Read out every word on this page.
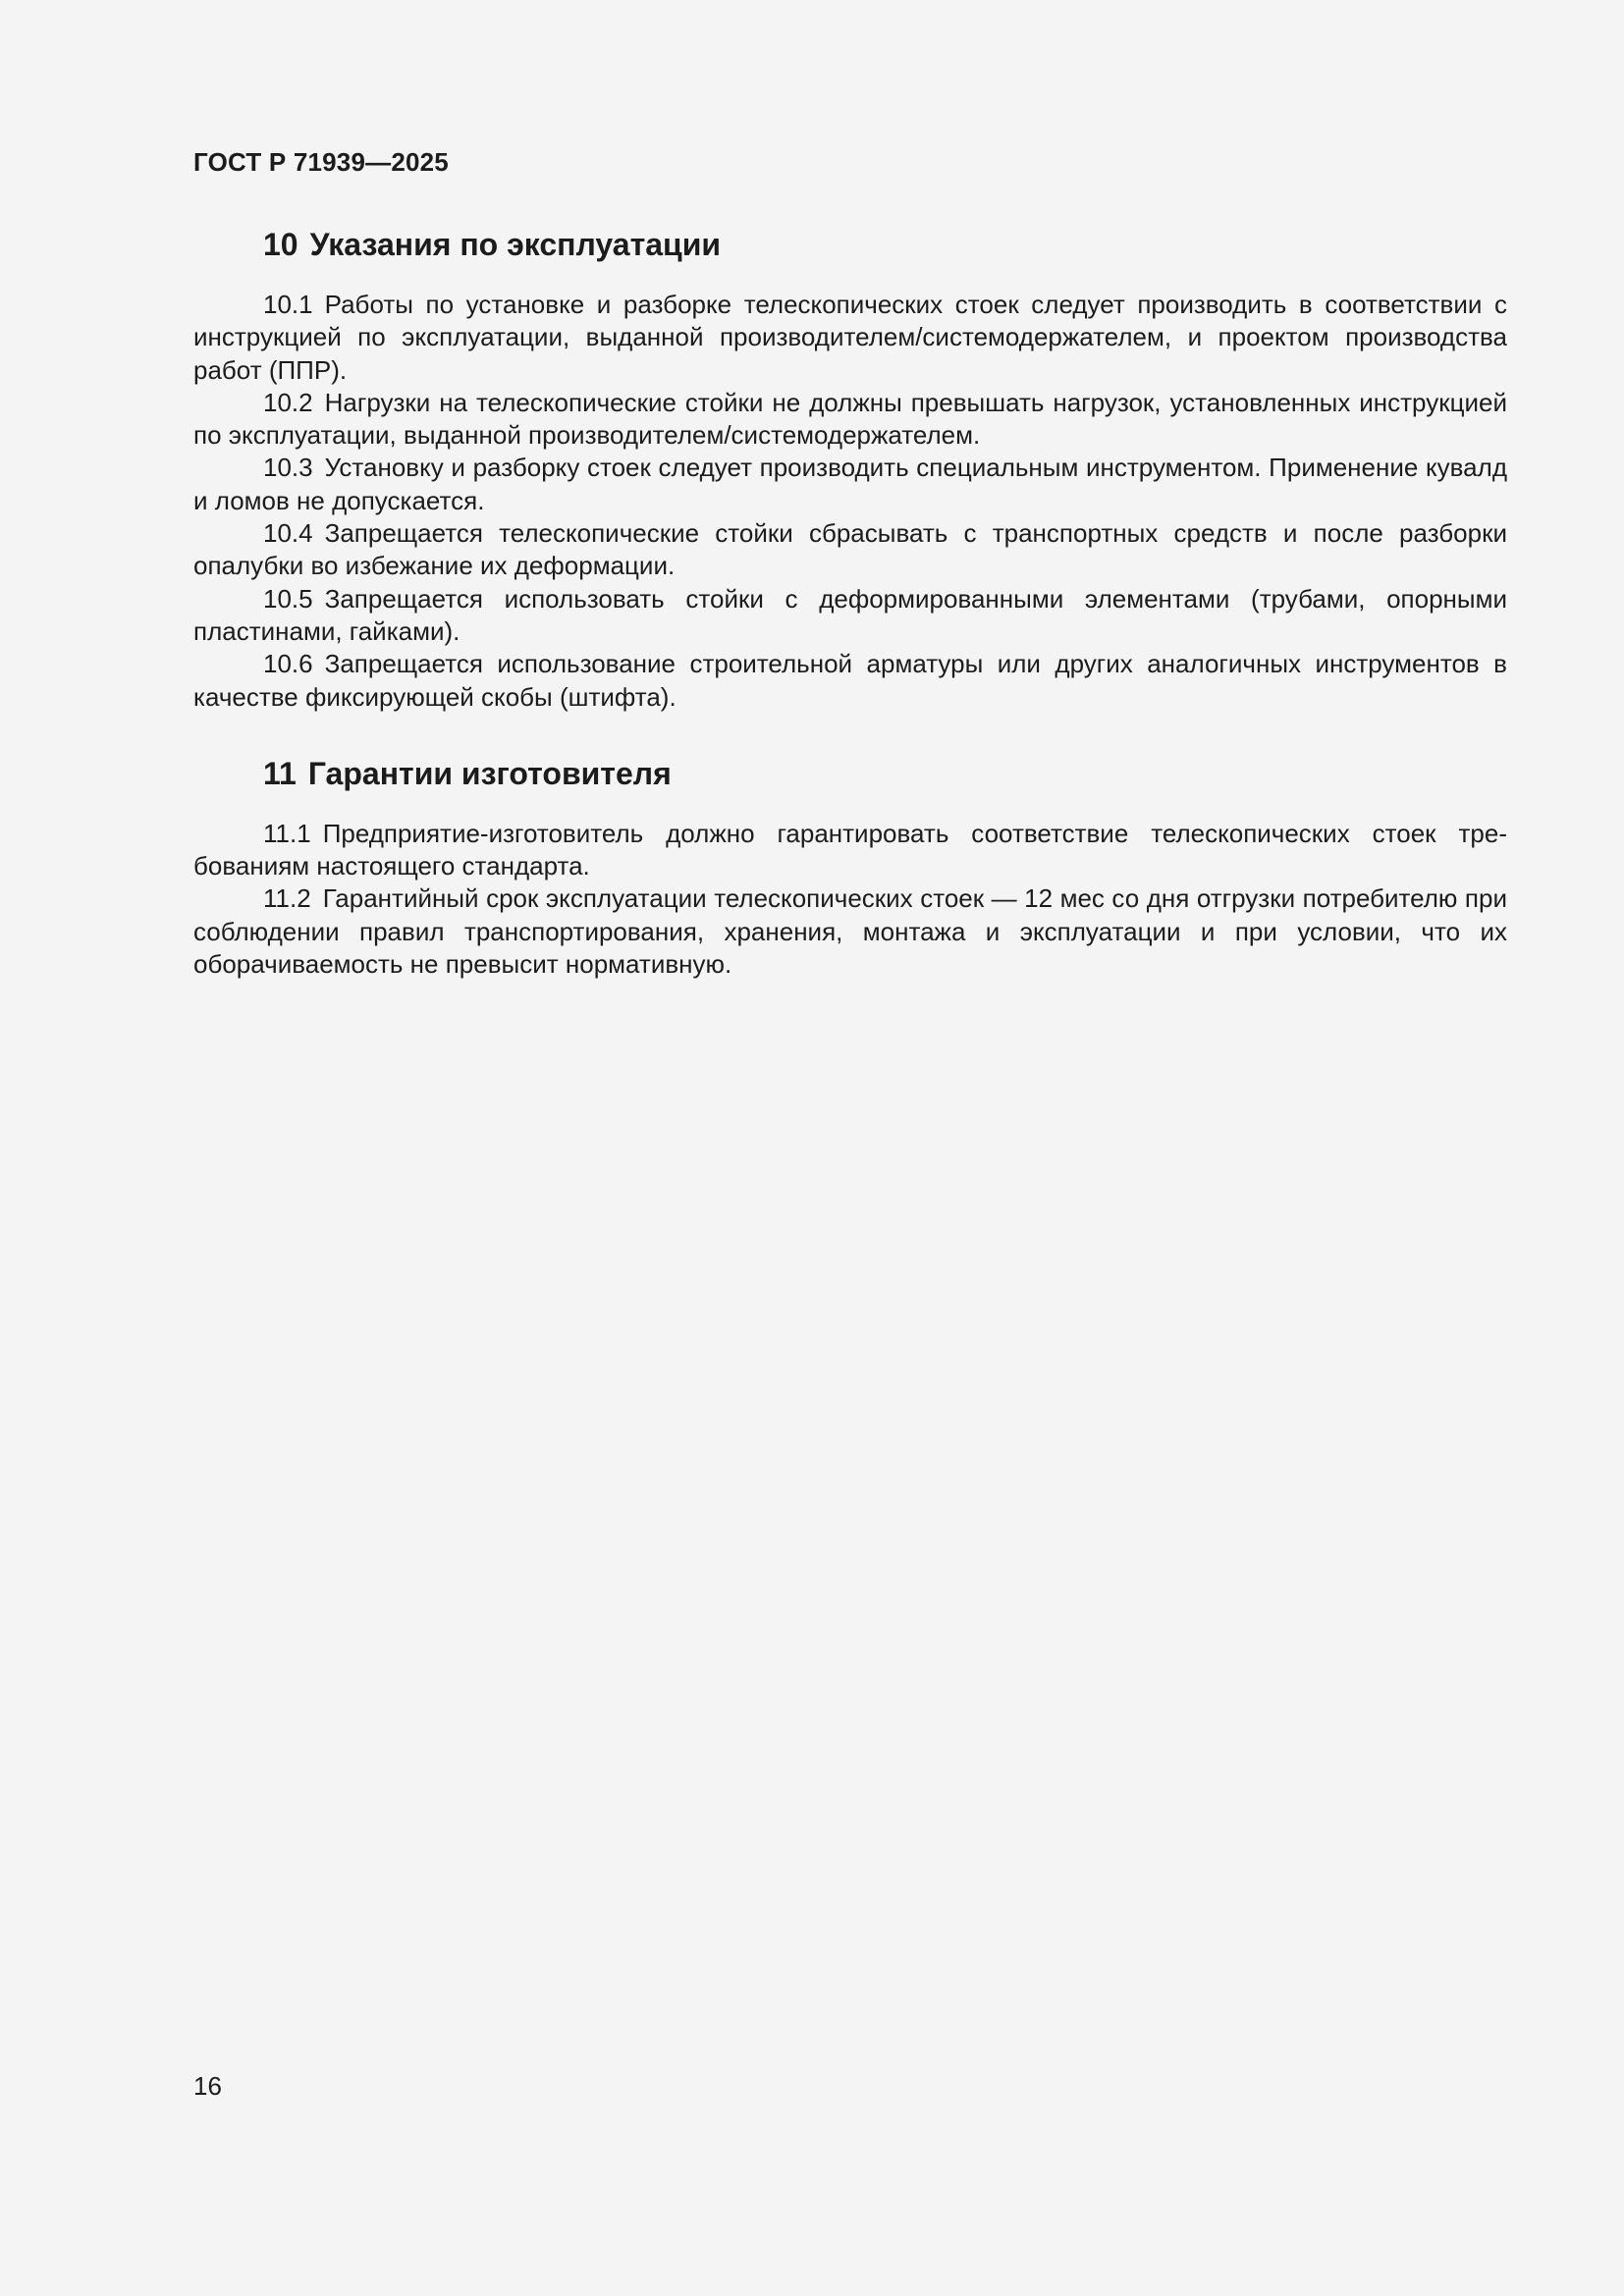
ГОСТ Р 71939—2025

10 Указания по эксплуатации

10.1 Работы по установке и разборке телескопических стоек следует производить в соответствии с инструкцией по эксплуатации, выданной производителем/системодержателем, и проектом производства работ (ППР).

10.2 Нагрузки на телескопические стойки не должны превышать нагрузок, установленных инструкцией по эксплуатации, выданной производителем/системодержателем.

10.3 Установку и разборку стоек следует производить специальным инструментом. Применение кувалд и ломов не допускается.

10.4 Запрещается телескопические стойки сбрасывать с транспортных средств и после разборки опалубки во избежание их деформации.

10.5 Запрещается использовать стойки с деформированными элементами (трубами, опорными пластинами, гайками).

10.6 Запрещается использование строительной арматуры или других аналогичных инструментов в качестве фиксирующей скобы (штифта).

11 Гарантии изготовителя

11.1 Предприятие-изготовитель должно гарантировать соответствие телескопических стоек требованиям настоящего стандарта.

11.2 Гарантийный срок эксплуатации телескопических стоек — 12 мес со дня отгрузки потребителю при соблюдении правил транспортирования, хранения, монтажа и эксплуатации и при условии, что их оборачиваемость не превысит нормативную.

16
